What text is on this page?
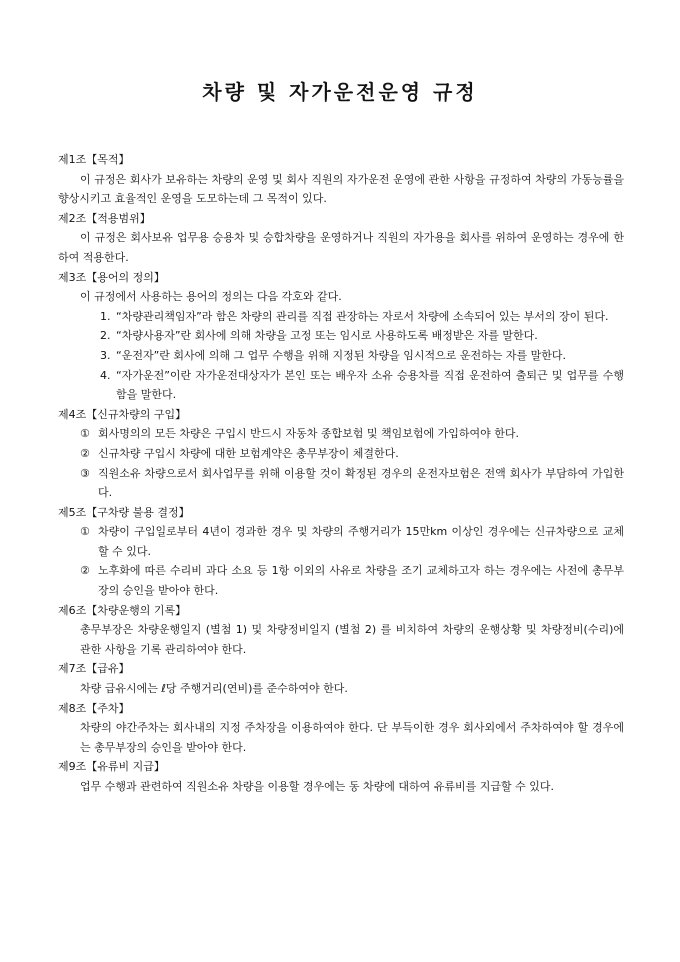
차량 및 자가운전운영 규정
제1조【목적】
이 규정은 회사가 보유하는 차량의 운영 및 회사 직원의 자가운전 운영에 관한 사항을 규정하여 차량의 가동능률을 향상시키고 효율적인 운영을 도모하는데 그 목적이 있다.
제2조【적용범위】
이 규정은 회사보유 업무용 승용차 및 승합차량을 운영하거나 직원의 자가용을 회사를 위하여 운영하는 경우에 한하여 적용한다.
제3조【용어의 정의】
이 규정에서 사용하는 용어의 정의는 다음 각호와 같다.
1. “차량관리책임자”라 함은 차량의 관리를 직접 관장하는 자로서 차량에 소속되어 있는 부서의 장이 된다.
2. “차량사용자”란 회사에 의해 차량을 고정 또는 임시로 사용하도록 배정받은 자를 말한다.
3. “운전자”란 회사에 의해 그 업무 수행을 위해 지정된 차량을 임시적으로 운전하는 자를 말한다.
4. “자가운전”이란 자가운전대상자가 본인 또는 배우자 소유 승용차를 직접 운전하여 출퇴근 및 업무를 수행함을 말한다.
제4조【신규차량의 구입】
① 회사명의의 모든 차량은 구입시 반드시 자동차 종합보험 및 책임보험에 가입하여야 한다.
② 신규차량 구입시 차량에 대한 보험계약은 총무부장이 체결한다.
③ 직원소유 차량으로서 회사업무를 위해 이용할 것이 확정된 경우의 운전자보험은 전액 회사가 부담하여 가입한다.
제5조【구차량 불용 결정】
① 차량이 구입일로부터 4년이 경과한 경우 및 차량의 주행거리가 15만km 이상인 경우에는 신규차량으로 교체할 수 있다.
② 노후화에 따른 수리비 과다 소요 등 1항 이외의 사유로 차량을 조기 교체하고자 하는 경우에는 사전에 총무부장의 승인을 받아야 한다.
제6조【차량운행의 기록】
총무부장은 차량운행일지 (별첨 1) 및 차량정비일지 (별첨 2) 를 비치하여 차량의 운행상황 및 차량정비(수리)에 관한 사항을 기록 관리하여야 한다.
제7조【급유】
차량 급유시에는 ℓ당 주행거리(연비)를 준수하여야 한다.
제8조【주차】
차량의 야간주차는 회사내의 지정 주차장을 이용하여야 한다. 단 부득이한 경우 회사외에서 주차하여야 할 경우에는 총무부장의 승인을 받아야 한다.
제9조【유류비 지급】
업무 수행과 관련하여 직원소유 차량을 이용할 경우에는 동 차량에 대하여 유류비를 지급할 수 있다.
